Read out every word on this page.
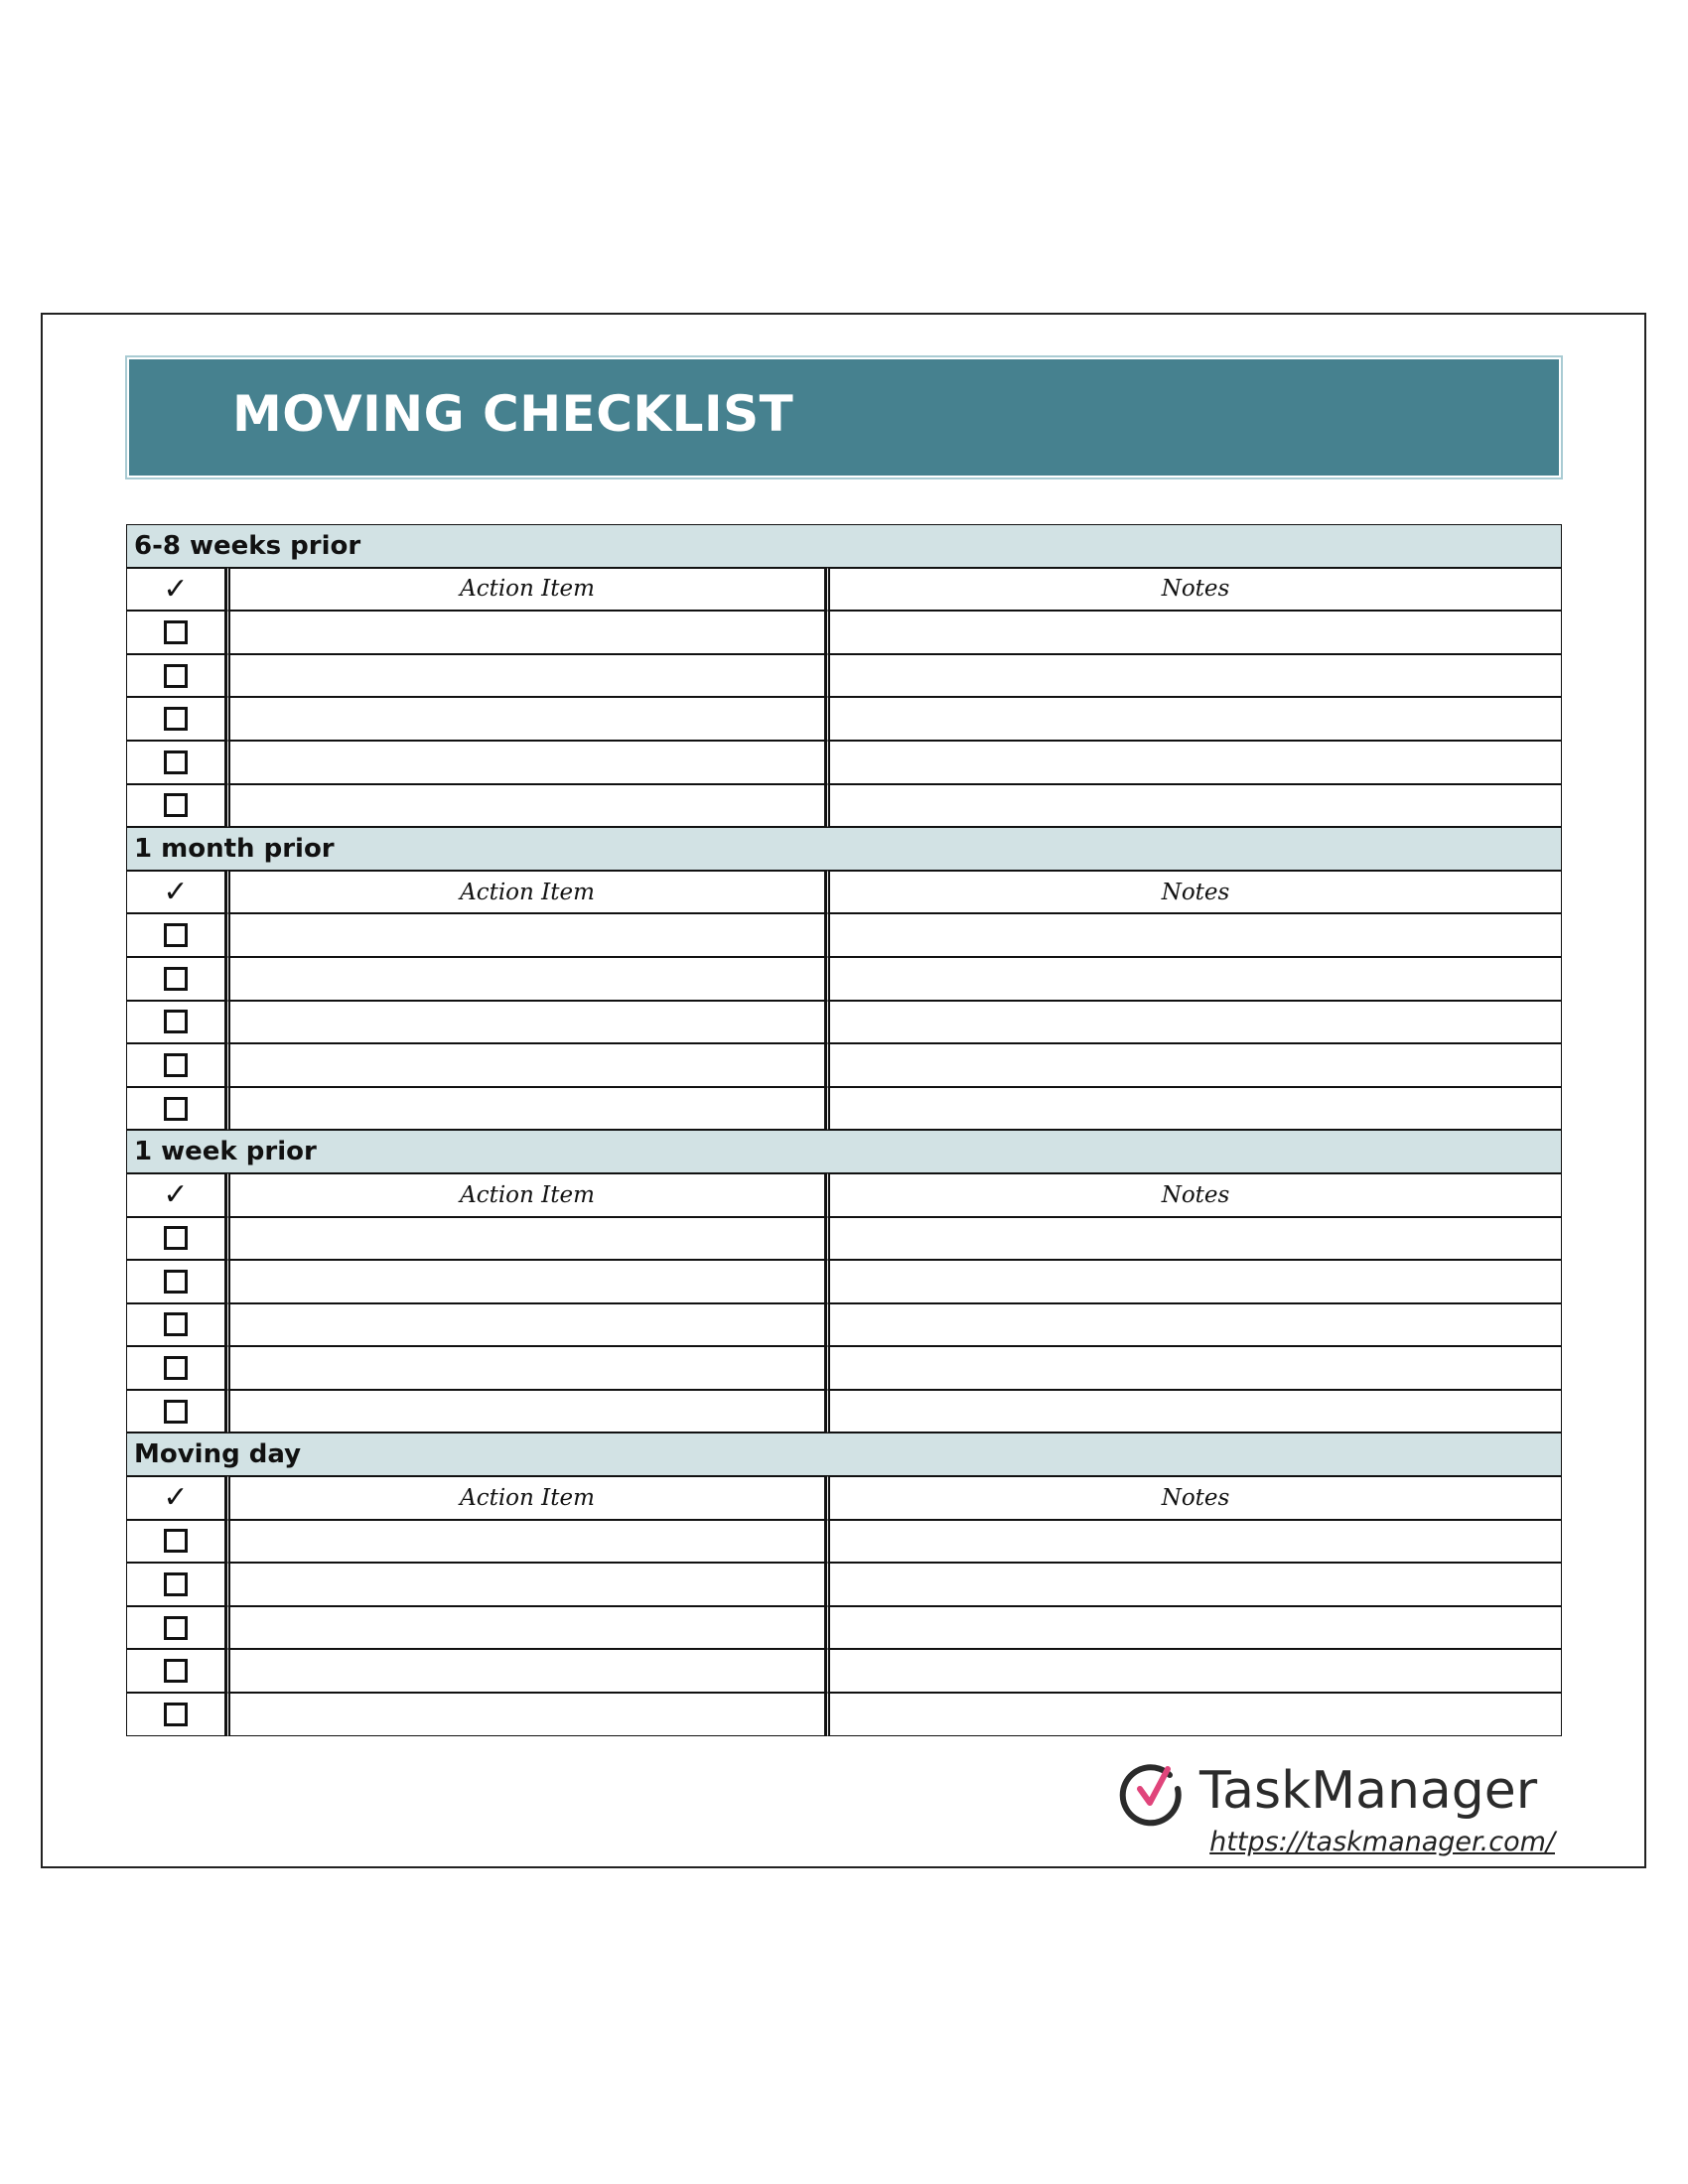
MOVING CHECKLIST
6-8 weeks prior		
✓	Action Item	Notes

1 month prior		
✓	Action Item	Notes

1 week prior		
✓	Action Item	Notes

Moving day		
✓	Action Item	Notes

TaskManager
https://taskmanager.com/
